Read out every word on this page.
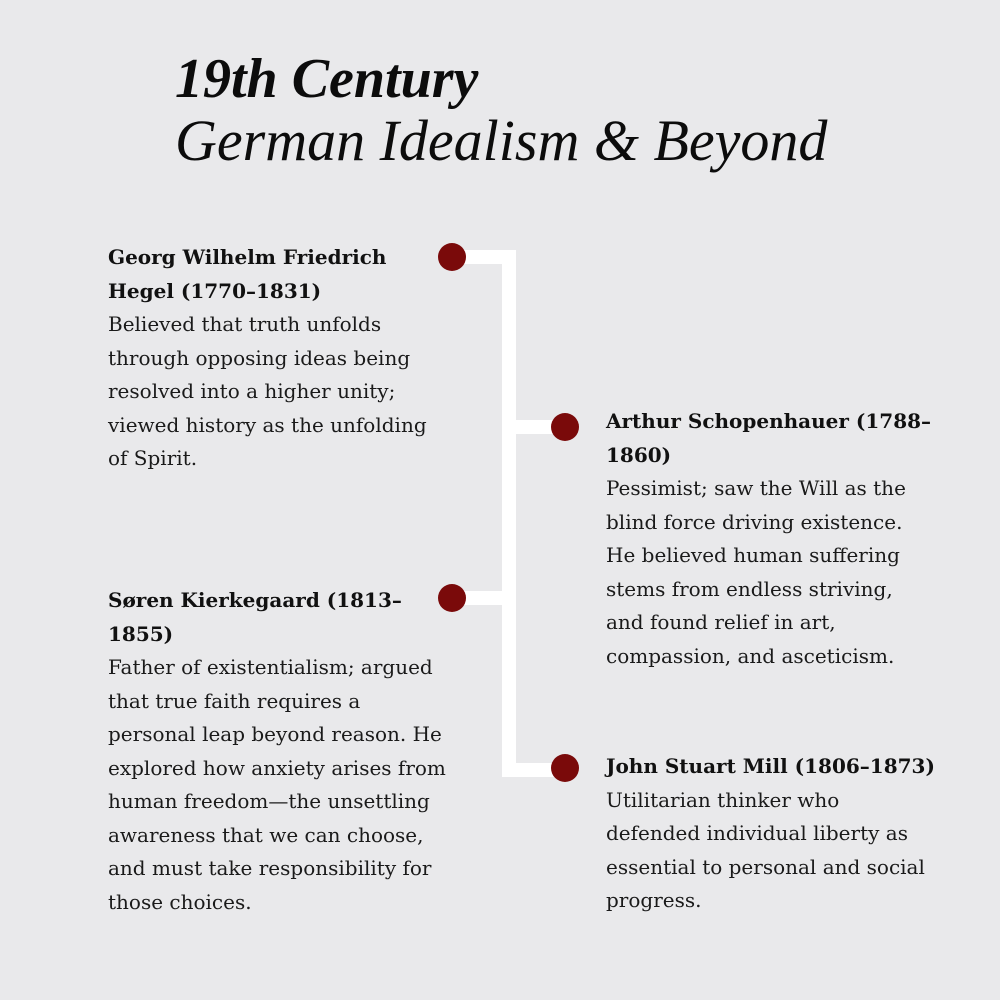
19th Century
German Idealism & Beyond
Georg Wilhelm Friedrich Hegel (1770–1831)
Believed that truth unfolds through opposing ideas being resolved into a higher unity; viewed history as the unfolding of Spirit.
Arthur Schopenhauer (1788–1860)
Pessimist; saw the Will as the blind force driving existence. He believed human suffering stems from endless striving, and found relief in art, compassion, and asceticism.
Søren Kierkegaard (1813–1855)
Father of existentialism; argued that true faith requires a personal leap beyond reason. He explored how anxiety arises from human freedom—the unsettling awareness that we can choose, and must take responsibility for those choices.
John Stuart Mill (1806–1873)
Utilitarian thinker who defended individual liberty as essential to personal and social progress.
